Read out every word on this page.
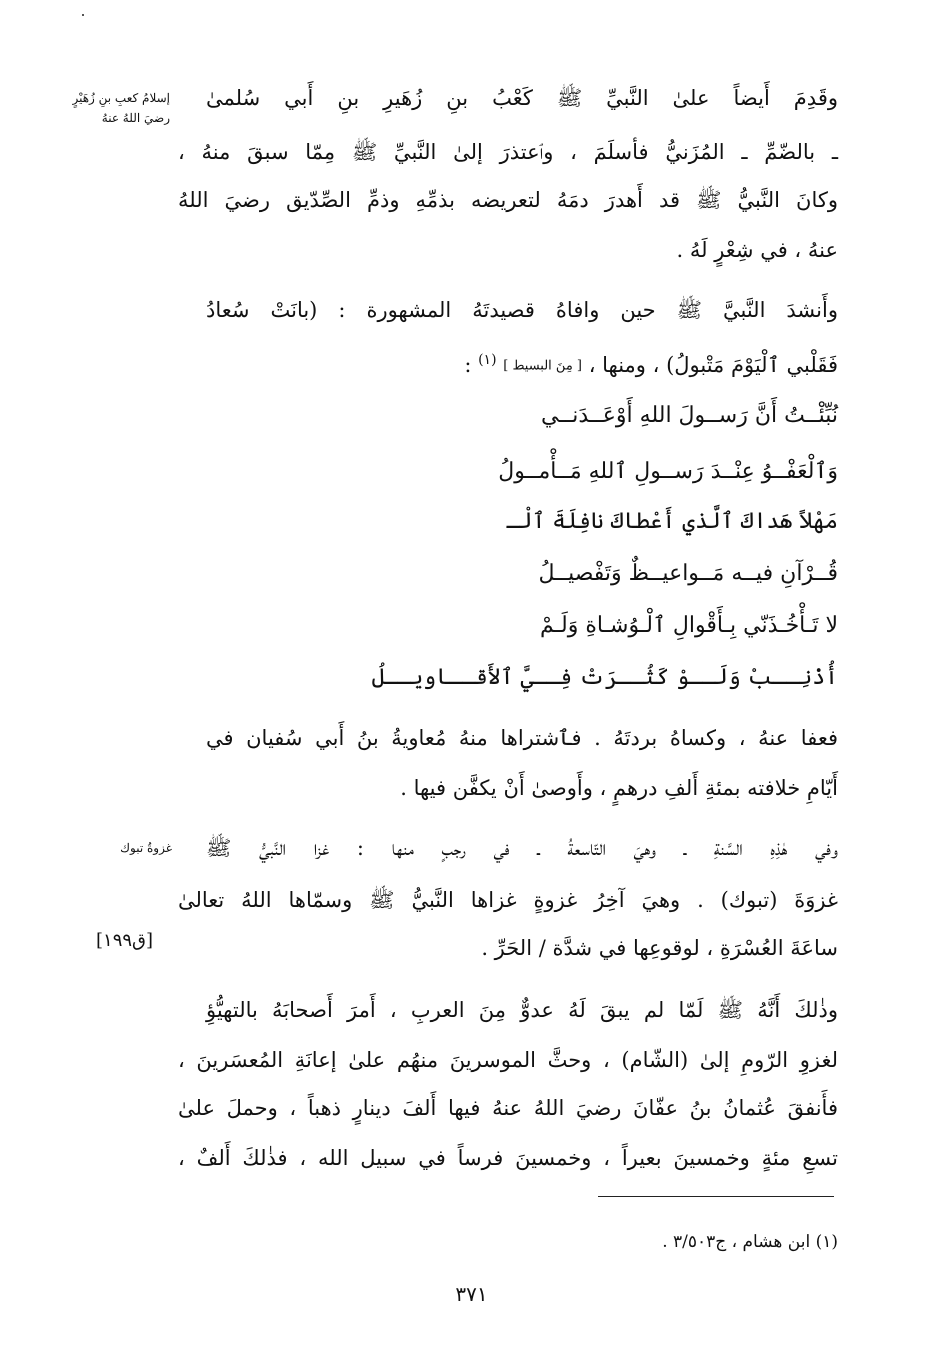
إسلامُ كعبِ بنِ زُهَيْرٍ
رضيَ اللهُ عنهُ
غزوةُ تبوك
وقَدِمَ أَيضاً علىٰ النَّبيِّ ﷺ كَعْبُ بنِ زُهَيرِ بنِ أَبي سُلمىٰ
ـ بالضّمِّ ـ المُزَنيُّ فأسلَمَ ، وٱعتذرَ إلىٰ النَّبيِّ ﷺ مِمّا سبقَ منهُ ،
وكانَ النَّبيُّ ﷺ قد أَهدرَ دمَهُ لتعريضه بذمِّهِ وذمِّ الصِّدّيق رضيَ اللهُ
عنهُ ، في شِعْرٍ لَهُ .
وأَنشدَ النَّبيَّ ﷺ حين وافاهُ قصيدتَهُ المشهورة : (بانَتْ سُعادُ
فَقَلْبي ٱلْيَوْمَ مَتْبولُ) ، ومنها ، [ مِنَ البسيط ] $^{(١)}$ :
نُبِّئْــتُ أَنَّ رَســولَ اللهِ أَوْعَــدَنــي
وَٱلْعَفْــوُ عِنْــدَ رَســولِ ٱللهِ مَــأْمــولُ
مَهْلاً هَداكَ ٱلَّذي أَعْطاكَ نافِلَةَ ٱلْـ
قُــرْآنِ فيــه مَــواعيــظٌ وَتَفْصيــلُ
لا تَـأْخُـذَنّي بِـأَقْوالِ ٱلْـوُشـاةِ وَلَـمْ
أُذْنِــبْ وَلَــوْ كَثُــرَتْ فِــيَّ ٱلأَقــاويــلُ
فعفا عنهُ ، وكساهُ بردتَهُ . فٱشتراها منهُ مُعاويةُ بنُ أَبي سُفيان في
أَيّامِ خلافته بمئةِ أَلفِ درهمٍ ، وأَوصىٰ أَنْ يكفَّن فيها .
وفي هٰذِهِ السَّنةِ ـ وهيَ التّاسعةُ ـ في رجبٍ منها : غزا النَّبيُّ ﷺ
غزوَةَ (تبوك) . وهيَ آخِرُ غزوةٍ غزاها النَّبيُّ ﷺ وسمّاها اللهُ تعالىٰ
ساعَةَ العُسْرَةِ ، لوقوعِها في شدَّة / الحَرِّ .
وذٰلكَ أَنَّهُ ﷺ لَمّا لم يبقَ لَهُ عدوٌّ مِنَ العربِ ، أَمرَ أَصحابَهُ بالتهيُّؤِ
لغزوِ الرّومِ إلىٰ (الشّام) ، وحثَّ الموسرينَ منهُم علىٰ إعانَةِ المُعسَرينَ ،
فأَنفقَ عُثمانُ بنُ عفّانَ رضيَ اللهُ عنهُ فيها أَلفَ دينارٍ ذهباً ، وحملَ علىٰ
تسعِ مئةٍ وخمسينَ بعيراً ، وخمسينَ فرساً في سبيل الله ، فذٰلكَ أَلفٌ ،
[ق١٩٩]
(١) ابن هشام ، ج٣/٥٠٣ .
٣٧١
